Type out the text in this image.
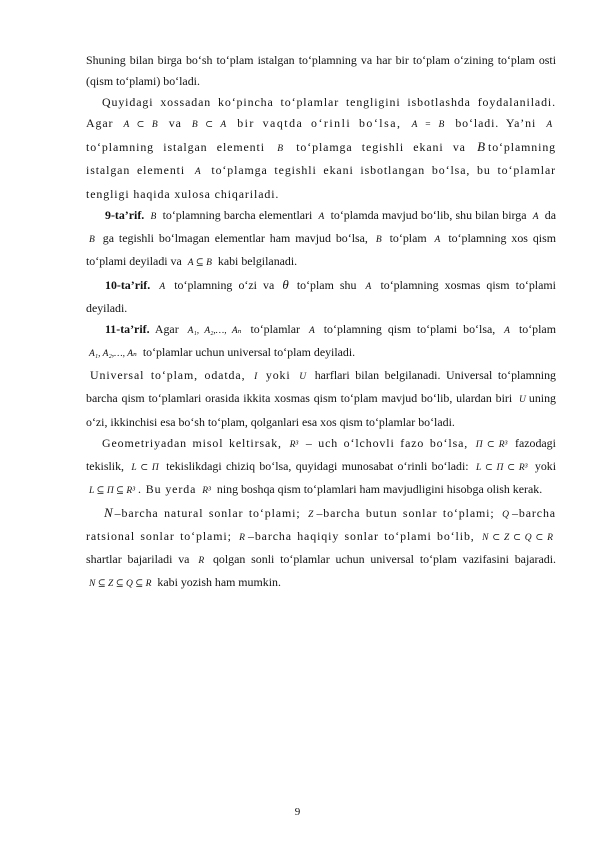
Shuning bilan birga bo‘sh to‘plam istalgan to‘plamning va har bir to‘plam o‘zining to‘plam osti (qism to‘plami) bo‘ladi.

Quyidagi xossadan ko‘pincha to‘plamlar tengligini isbotlashda foydalaniladi. Agar A ⊂ B va B ⊂ A bir vaqtda o‘rinli bo‘lsa, A = B bo‘ladi. Ya’ni A to‘plamning istalgan elementi B to‘plamga tegishli ekani va B to‘plamning istalgan elementi A to‘plamga tegishli ekani isbotlangan bo‘lsa, bu to‘plamlar tengligi haqida xulosa chiqariladi.

9-ta’rif. B to‘plamning barcha elementlari A to‘plamda mavjud bo‘lib, shu bilan birga A da B ga tegishli bo‘lmagan elementlar ham mavjud bo‘lsa, B to‘plam A to‘plamning xos qism to‘plami deyiladi va A ⊆ B kabi belgilanadi.

10-ta’rif. A to‘plamning o‘zi va θ to‘plam shu A to‘plamning xosmas qism to‘plami deyiladi.

11-ta’rif. Agar A₁, A₂,…, Aₙ to‘plamlar A to‘plamning qism to‘plami bo‘lsa, A to‘plam A₁, A₂,…, Aₙ to‘plamlar uchun universal to‘plam deyiladi.

Universal to‘plam, odatda, I yoki U harflari bilan belgilanadi. Universal to‘plamning barcha qism to‘plamlari orasida ikkita xosmas qism to‘plam mavjud bo‘lib, ulardan biri U uning o‘zi, ikkinchisi esa bo‘sh to‘plam, qolganlari esa xos qism to‘plamlar bo‘ladi.

Geometriyadan misol keltirsak, R³ – uch o‘lchovli fazo bo‘lsa, Π ⊂ R³ fazodagi tekislik, L ⊂ Π tekislikdagi chiziq bo‘lsa, quyidagi munosabat o‘rinli bo‘ladi: L ⊂ Π ⊂ R³ yoki L ⊆ Π ⊆ R³ . Bu yerda R³ ning boshqa qism to‘plamlari ham mavjudligini hisobga olish kerak.

N –barcha natural sonlar to‘plami; Z –barcha butun sonlar to‘plami; Q –barcha ratsional sonlar to‘plami; R –barcha haqiqiy sonlar to‘plami bo‘lib, N ⊂ Z ⊂ Q ⊂ R shartlar bajariladi va R qolgan sonli to‘plamlar uchun universal to‘plam vazifasini bajaradi. N ⊆ Z ⊆ Q ⊆ R kabi yozish ham mumkin.

9
